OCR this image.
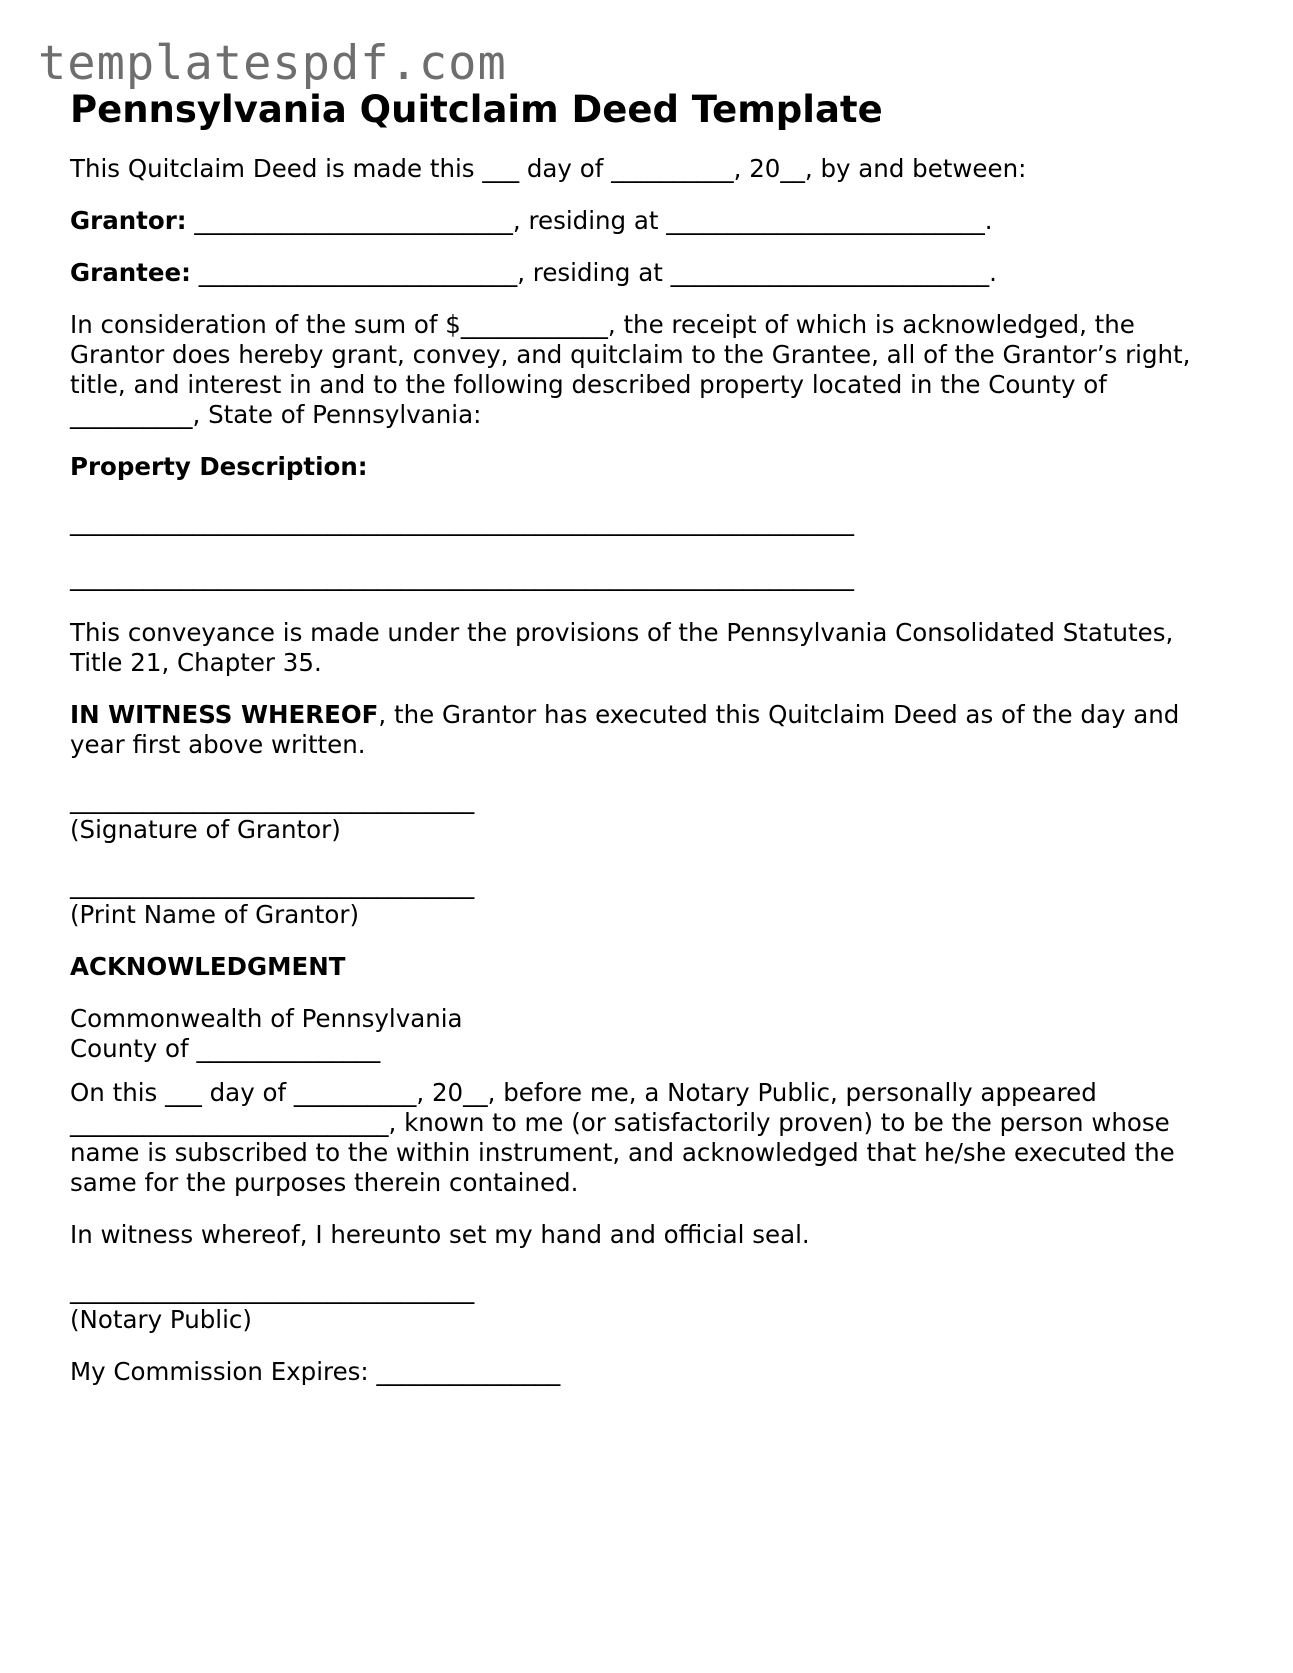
templatespdf.com
Pennsylvania Quitclaim Deed Template

This Quitclaim Deed is made this ___ day of __________, 20__, by and between:

Grantor: __________________________, residing at __________________________.

Grantee: __________________________, residing at __________________________.

In consideration of the sum of $____________, the receipt of which is acknowledged, the Grantor does hereby grant, convey, and quitclaim to the Grantee, all of the Grantor’s right, title, and interest in and to the following described property located in the County of __________, State of Pennsylvania:

Property Description:

________________________________________________________________

________________________________________________________________

This conveyance is made under the provisions of the Pennsylvania Consolidated Statutes, Title 21, Chapter 35.

IN WITNESS WHEREOF, the Grantor has executed this Quitclaim Deed as of the day and year first above written.

_________________________________

(Signature of Grantor)

_________________________________

(Print Name of Grantor)

ACKNOWLEDGMENT

Commonwealth of Pennsylvania

County of _______________

On this ___ day of __________, 20__, before me, a Notary Public, personally appeared __________________________, known to me (or satisfactorily proven) to be the person whose name is subscribed to the within instrument, and acknowledged that he/she executed the same for the purposes therein contained.

In witness whereof, I hereunto set my hand and official seal.

_________________________________

(Notary Public)

My Commission Expires: _______________
